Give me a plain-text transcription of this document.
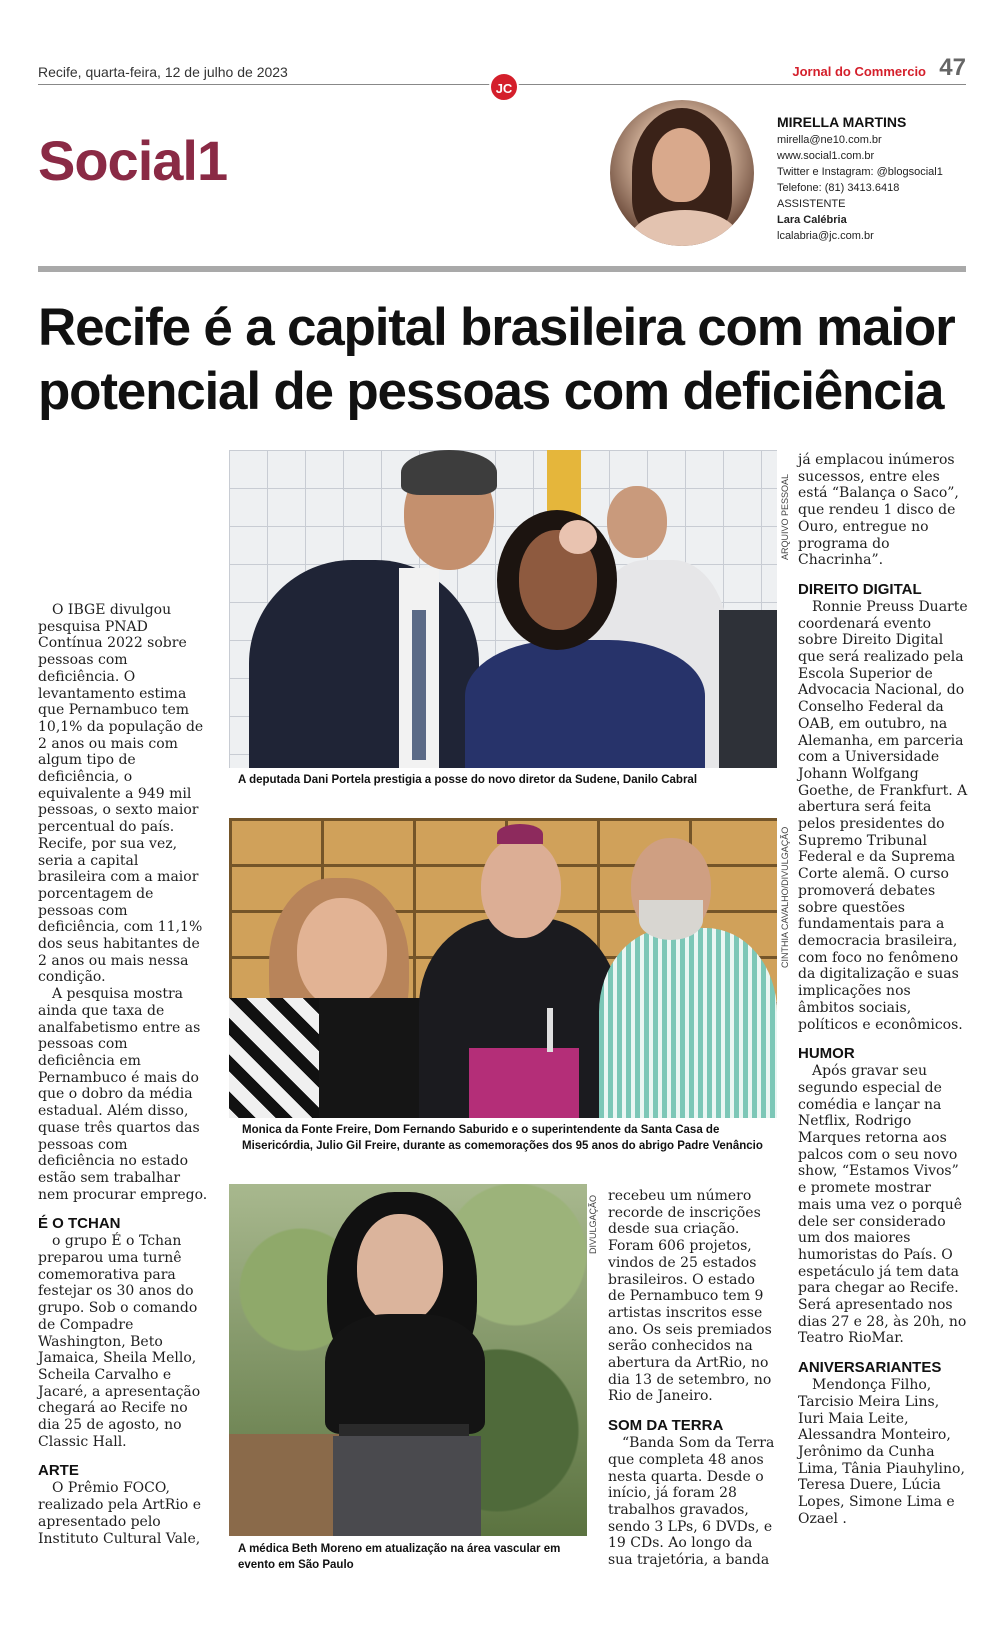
Recife, quarta-feira, 12 de julho de 2023
JC
Jornal do Commercio 47
Social1
MIRELLA MARTINS
mirella@ne10.com.br
www.social1.com.br
Twitter e Instagram: @blogsocial1
Telefone: (81) 3413.6418
ASSISTENTE
Lara Calébria
lcalabria@jc.com.br
Recife é a capital brasileira com maior potencial de pessoas com deficiência

O IBGE divulgou pesquisa PNAD Contínua 2022 sobre pessoas com deficiência. O levantamento estima que Pernambuco tem 10,1% da população de 2 anos ou mais com algum tipo de deficiência, o equivalente a 949 mil pessoas, o sexto maior percentual do país. Recife, por sua vez, seria a capital brasileira com a maior porcentagem de pessoas com deficiência, com 11,1% dos seus habitantes de 2 anos ou mais nessa condição.

A pesquisa mostra ainda que taxa de analfabetismo entre as pessoas com deficiência em Pernambuco é mais do que o dobro da média estadual. Além disso, quase três quartos das pessoas com deficiência no estado estão sem trabalhar nem procurar emprego.

É O TCHAN

o grupo É o Tchan preparou uma turnê comemorativa para festejar os 30 anos do grupo. Sob o comando de Compadre Washington, Beto Jamaica, Sheila Mello, Scheila Carvalho e Jacaré, a apresentação chegará ao Recife no dia 25 de agosto, no Classic Hall.

ARTE

O Prêmio FOCO, realizado pela ArtRio e apresentado pelo Instituto Cultural Vale,

ARQUIVO PESSOAL
A deputada Dani Portela prestigia a posse do novo diretor da Sudene, Danilo Cabral
CINTHIA CAVALHO/DIVULGAÇÃO
Monica da Fonte Freire, Dom Fernando Saburido e o superintendente da Santa Casa de Misericórdia, Julio Gil Freire, durante as comemorações dos 95 anos do abrigo Padre Venâncio
DIVULGAÇÃO
A médica Beth Moreno em atualização na área vascular em evento em São Paulo

recebeu um número recorde de inscrições desde sua criação. Foram 606 projetos, vindos de 25 estados brasileiros. O estado de Pernambuco tem 9 artistas inscritos esse ano. Os seis premiados serão conhecidos na abertura da ArtRio, no dia 13 de setembro, no Rio de Janeiro.

SOM DA TERRA

“Banda Som da Terra que completa 48 anos nesta quarta. Desde o início, já foram 28 trabalhos gravados, sendo 3 LPs, 6 DVDs, e 19 CDs. Ao longo da sua trajetória, a banda

já emplacou inúmeros sucessos, entre eles está “Balança o Saco”, que rendeu 1 disco de Ouro, entregue no programa do Chacrinha”.

DIREITO DIGITAL

Ronnie Preuss Duarte coordenará evento sobre Direito Digital que será realizado pela Escola Superior de Advocacia Nacional, do Conselho Federal da OAB, em outubro, na Alemanha, em parceria com a Universidade Johann Wolfgang Goethe, de Frankfurt. A abertura será feita pelos presidentes do Supremo Tribunal Federal e da Suprema Corte alemã. O curso promoverá debates sobre questões fundamentais para a democracia brasileira, com foco no fenômeno da digitalização e suas implicações nos âmbitos sociais, políticos e econômicos.

HUMOR

Após gravar seu segundo especial de comédia e lançar na Netflix, Rodrigo Marques retorna aos palcos com o seu novo show, “Estamos Vivos” e promete mostrar mais uma vez o porquê dele ser considerado um dos maiores humoristas do País. O espetáculo já tem data para chegar ao Recife. Será apresentado nos dias 27 e 28, às 20h, no Teatro RioMar.

ANIVERSARIANTES

Mendonça Filho, Tarcisio Meira Lins, Iuri Maia Leite, Alessandra Monteiro, Jerônimo da Cunha Lima, Tânia Piauhylino, Teresa Duere, Lúcia Lopes, Simone Lima e Ozael .
